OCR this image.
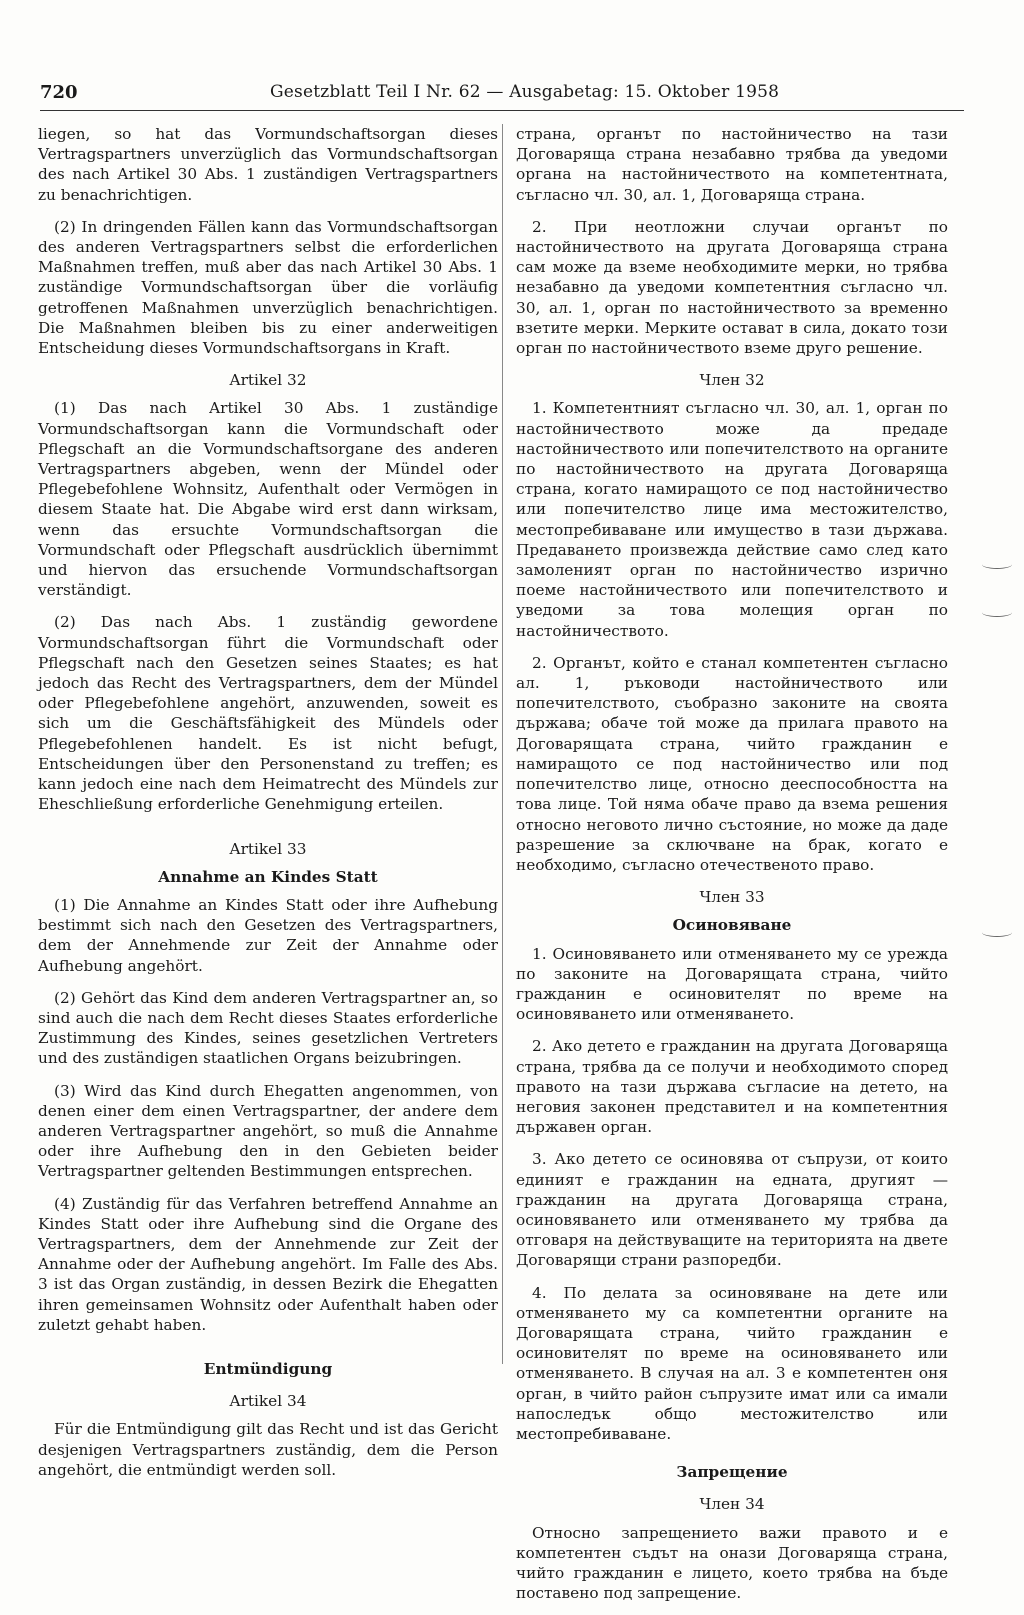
720	Gesetzblatt Teil I Nr. 62 — Ausgabetag: 15. Oktober 1958

liegen, so hat das Vormundschaftsorgan dieses Vertragspartners unverzüglich das Vormundschaftsorgan des nach Artikel 30 Abs. 1 zuständigen Vertragspartners zu benachrichtigen.

(2) In dringenden Fällen kann das Vormundschaftsorgan des anderen Vertragspartners selbst die erforderlichen Maßnahmen treffen, muß aber das nach Artikel 30 Abs. 1 zuständige Vormundschaftsorgan über die vorläufig getroffenen Maßnahmen unverzüglich benachrichtigen. Die Maßnahmen bleiben bis zu einer anderweitigen Entscheidung dieses Vormundschaftsorgans in Kraft.

Artikel 32

(1) Das nach Artikel 30 Abs. 1 zuständige Vormundschaftsorgan kann die Vormundschaft oder Pflegschaft an die Vormundschaftsorgane des anderen Vertragspartners abgeben, wenn der Mündel oder Pflegebefohlene Wohnsitz, Aufenthalt oder Vermögen in diesem Staate hat. Die Abgabe wird erst dann wirksam, wenn das ersuchte Vormundschaftsorgan die Vormundschaft oder Pflegschaft ausdrücklich übernimmt und hiervon das ersuchende Vormundschaftsorgan verständigt.

(2) Das nach Abs. 1 zuständig gewordene Vormundschaftsorgan führt die Vormundschaft oder Pflegschaft nach den Gesetzen seines Staates; es hat jedoch das Recht des Vertragspartners, dem der Mündel oder Pflegebefohlene angehört, anzuwenden, soweit es sich um die Geschäftsfähigkeit des Mündels oder Pflegebefohlenen handelt. Es ist nicht befugt, Entscheidungen über den Personenstand zu treffen; es kann jedoch eine nach dem Heimatrecht des Mündels zur Eheschließung erforderliche Genehmigung erteilen.

Artikel 33
Annahme an Kindes Statt

(1) Die Annahme an Kindes Statt oder ihre Aufhebung bestimmt sich nach den Gesetzen des Vertragspartners, dem der Annehmende zur Zeit der Annahme oder Aufhebung angehört.

(2) Gehört das Kind dem anderen Vertragspartner an, so sind auch die nach dem Recht dieses Staates erforderliche Zustimmung des Kindes, seines gesetzlichen Vertreters und des zuständigen staatlichen Organs beizubringen.

(3) Wird das Kind durch Ehegatten angenommen, von denen einer dem einen Vertragspartner, der andere dem anderen Vertragspartner angehört, so muß die Annahme oder ihre Aufhebung den in den Gebieten beider Vertragspartner geltenden Bestimmungen entsprechen.

(4) Zuständig für das Verfahren betreffend Annahme an Kindes Statt oder ihre Aufhebung sind die Organe des Vertragspartners, dem der Annehmende zur Zeit der Annahme oder der Aufhebung angehört. Im Falle des Abs. 3 ist das Organ zuständig, in dessen Bezirk die Ehegatten ihren gemeinsamen Wohnsitz oder Aufenthalt haben oder zuletzt gehabt haben.

Entmündigung
Artikel 34

Für die Entmündigung gilt das Recht und ist das Gericht desjenigen Vertragspartners zuständig, dem die Person angehört, die entmündigt werden soll.

страна, органът по настойничество на тази Договаряща страна незабавно трябва да уведоми органа на настойничеството на компетентната, съгласно чл. 30, ал. 1, Договаряща страна.

2. При неотложни случаи органът по настойничеството на другата Договаряща страна сам може да вземе необходимите мерки, но трябва незабавно да уведоми компетентния съгласно чл. 30, ал. 1, орган по настойничеството за временно взетите мерки. Мерките остават в сила, докато този орган по настойничеството вземе друго решение.

Член 32

1. Компетентният съгласно чл. 30, ал. 1, орган по настойничеството може да предаде настойничеството или попечителството на органите по настойничеството на другата Договаряща страна, когато намиращото се под настойничество или попечителство лице има местожителство, местопребиваване или имущество в тази държава. Предаването произвежда действие само след като замоленият орган по настойничество изрично поеме настойничеството или попечителството и уведоми за това молещия орган по настойничеството.

2. Органът, който е станал компетентен съгласно ал. 1, ръководи настойничеството или попечителството, съобразно законите на своята държава; обаче той може да прилага правото на Договарящата страна, чийто гражданин е намиращото се под настойничество или под попечителство лице, относно дееспособността на това лице. Той няма обаче право да взема решения относно неговото лично състояние, но може да даде разрешение за сключване на брак, когато е необходимо, съгласно отечественото право.

Член 33
Осиновяване

1. Осиновяването или отменяването му се урежда по законите на Договарящата страна, чийто гражданин е осиновителят по време на осиновяването или отменяването.

2. Ако детето е гражданин на другата Договаряща страна, трябва да се получи и необходимото според правото на тази държава съгласие на детето, на неговия законен представител и на компетентния държавен орган.

3. Ако детето се осиновява от съпрузи, от които единият е гражданин на едната, другият — гражданин на другата Договаряща страна, осиновяването или отменяването му трябва да отговаря на действуващите на територията на двете Договарящи страни разпоредби.

4. По делата за осиновяване на дете или отменяването му са компетентни органите на Договарящата страна, чийто гражданин е осиновителят по време на осиновяването или отменяването. В случая на ал. 3 е компетентен оня орган, в чийто район съпрузите имат или са имали напоследък общо местожителство или местопребиваване.

Запрещение
Член 34

Относно запрещението важи правото и е компетентен съдът на онази Договаряща страна, чийто гражданин е лицето, което трябва на бъде поставено под запрещение.
